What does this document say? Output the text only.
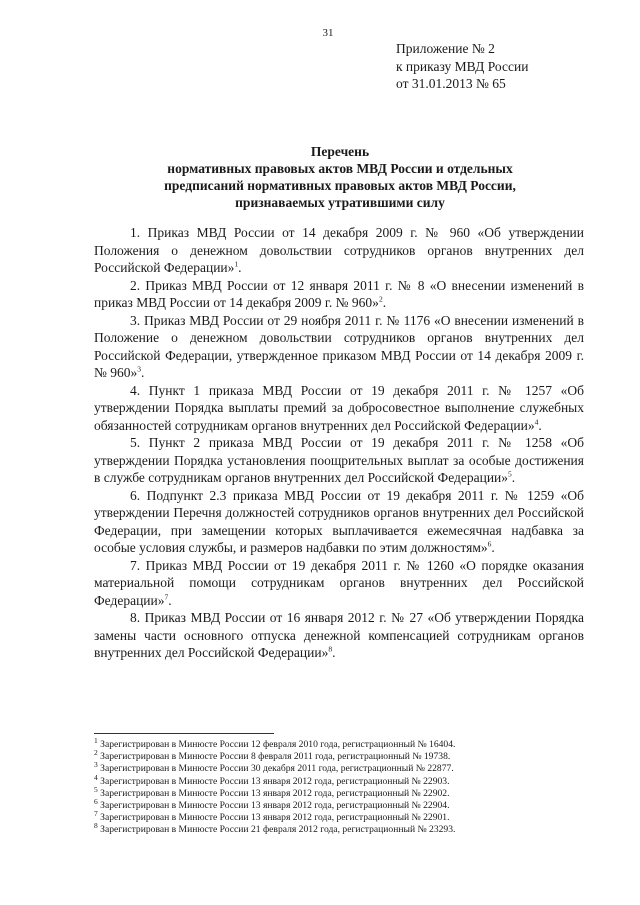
31
Приложение № 2
к приказу МВД России
от 31.01.2013 № 65
Перечень
нормативных правовых актов МВД России и отдельных
предписаний нормативных правовых актов МВД России,
признаваемых утратившими силу
1. Приказ МВД России от 14 декабря 2009 г. № 960 «Об утверждении Положения о денежном довольствии сотрудников органов внутренних дел Российской Федерации»$^1$.
2. Приказ МВД России от 12 января 2011 г. № 8 «О внесении изменений в приказ МВД России от 14 декабря 2009 г. № 960»$^2$.
3. Приказ МВД России от 29 ноября 2011 г. № 1176 «О внесении изменений в Положение о денежном довольствии сотрудников органов внутренних дел Российской Федерации, утвержденное приказом МВД России от 14 декабря 2009 г. № 960»$^3$.
4. Пункт 1 приказа МВД России от 19 декабря 2011 г. № 1257 «Об утверждении Порядка выплаты премий за добросовестное выполнение служебных обязанностей сотрудникам органов внутренних дел Российской Федерации»$^4$.
5. Пункт 2 приказа МВД России от 19 декабря 2011 г. № 1258 «Об утверждении Порядка установления поощрительных выплат за особые достижения в службе сотрудникам органов внутренних дел Российской Федерации»$^5$.
6. Подпункт 2.3 приказа МВД России от 19 декабря 2011 г. № 1259 «Об утверждении Перечня должностей сотрудников органов внутренних дел Российской Федерации, при замещении которых выплачивается ежемесячная надбавка за особые условия службы, и размеров надбавки по этим должностям»$^6$.
7. Приказ МВД России от 19 декабря 2011 г. № 1260 «О порядке оказания материальной помощи сотрудникам органов внутренних дел Российской Федерации»$^7$.
8. Приказ МВД России от 16 января 2012 г. № 27 «Об утверждении Порядка замены части основного отпуска денежной компенсацией сотрудникам органов внутренних дел Российской Федерации»$^8$.
$^1$ Зарегистрирован в Минюсте России 12 февраля 2010 года, регистрационный № 16404.
$^2$ Зарегистрирован в Минюсте России 8 февраля 2011 года, регистрационный № 19738.
$^3$ Зарегистрирован в Минюсте России 30 декабря 2011 года, регистрационный № 22877.
$^4$ Зарегистрирован в Минюсте России 13 января 2012 года, регистрационный № 22903.
$^5$ Зарегистрирован в Минюсте России 13 января 2012 года, регистрационный № 22902.
$^6$ Зарегистрирован в Минюсте России 13 января 2012 года, регистрационный № 22904.
$^7$ Зарегистрирован в Минюсте России 13 января 2012 года, регистрационный № 22901.
$^8$ Зарегистрирован в Минюсте России 21 февраля 2012 года, регистрационный № 23293.
